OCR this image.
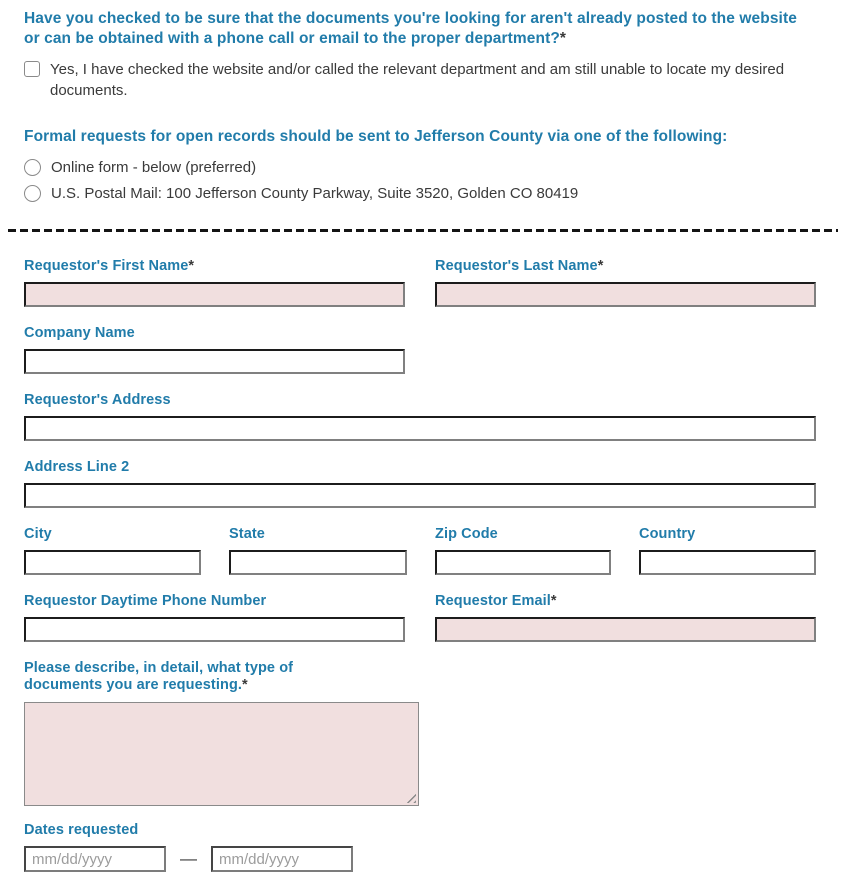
Have you checked to be sure that the documents you're looking for aren't already posted to the website or can be obtained with a phone call or email to the proper department?*
Yes, I have checked the website and/or called the relevant department and am still unable to locate my desired documents.
Formal requests for open records should be sent to Jefferson County via one of the following:
Online form - below (preferred)
U.S. Postal Mail: 100 Jefferson County Parkway, Suite 3520, Golden CO 80419
Requestor's First Name*	Requestor's Last Name*
Company Name
Requestor's Address
Address Line 2
City	State	Zip Code	Country
Requestor Daytime Phone Number	Requestor Email*
Please describe, in detail, what type of documents you are requesting.*
Dates requested
mm/dd/yyyy
—
mm/dd/yyyy
